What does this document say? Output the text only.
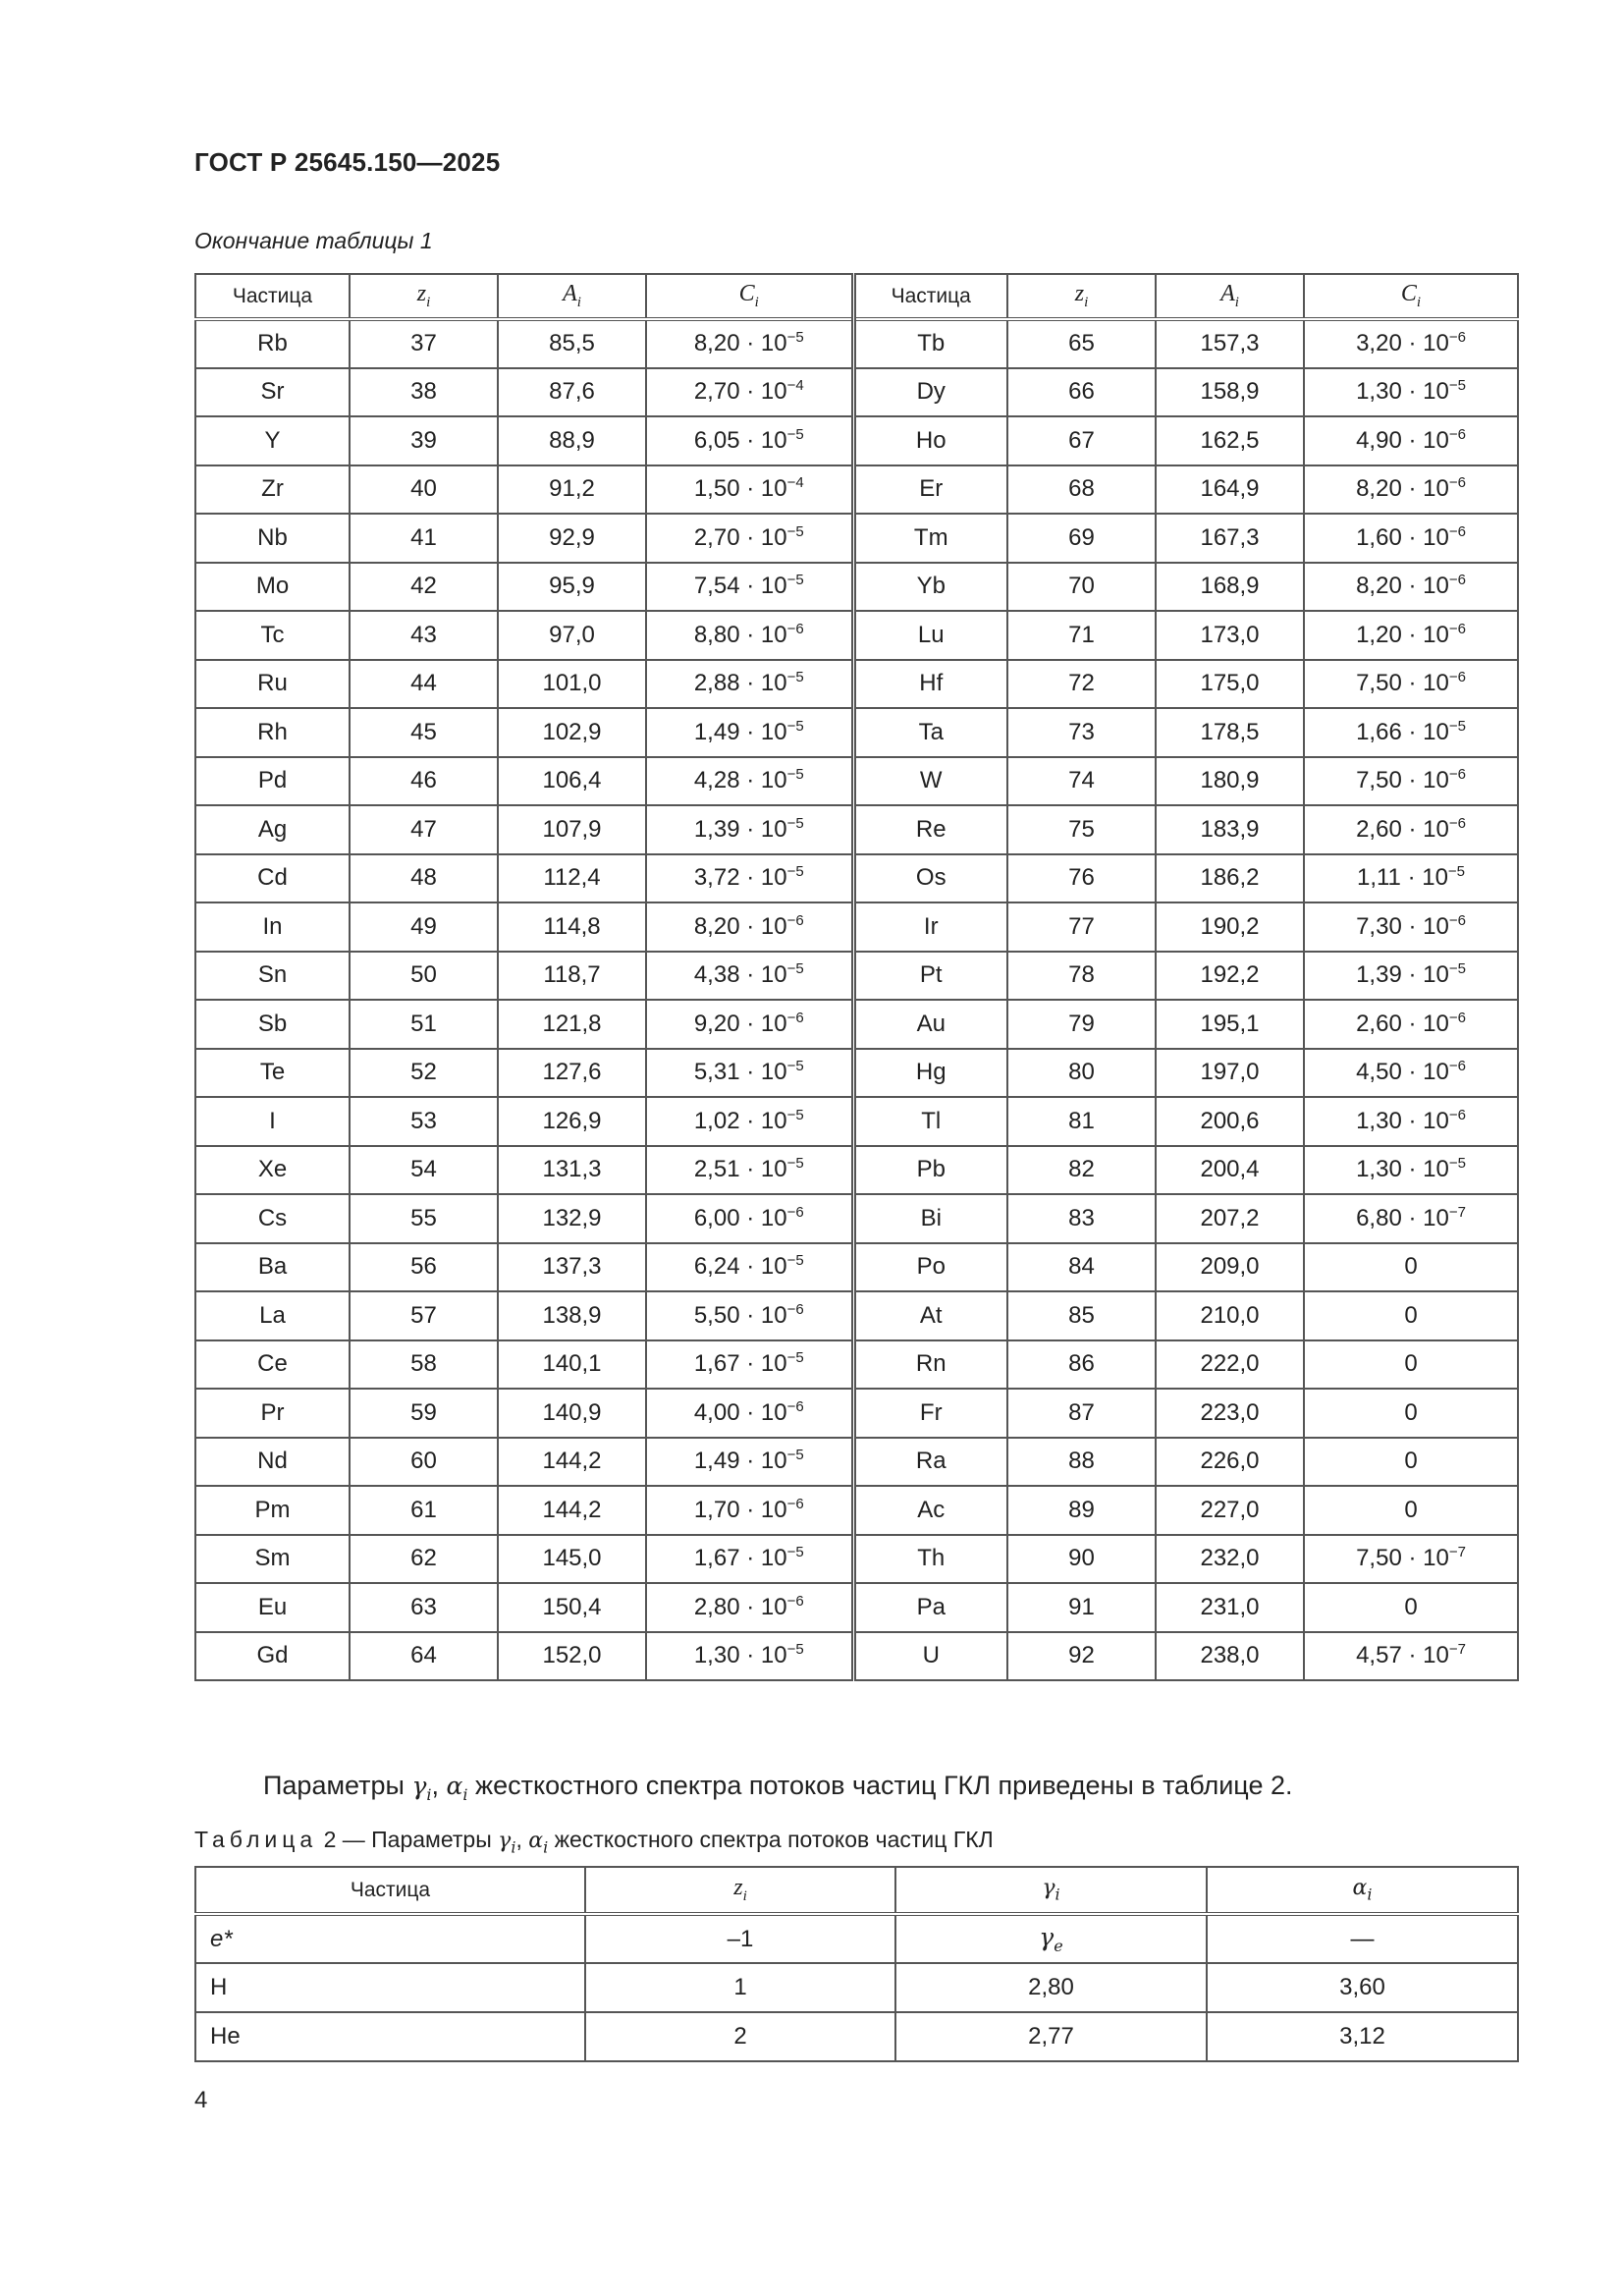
ГОСТ Р 25645.150—2025
Окончание таблицы 1
Частица	$z_i$	$A_i$	$C_i$	Частица	$z_i$	$A_i$	$C_i$
Rb	37	85,5	$8,20 \cdot 10^{-5}$	Tb	65	157,3	$3,20 \cdot 10^{-6}$
Sr	38	87,6	$2,70 \cdot 10^{-4}$	Dy	66	158,9	$1,30 \cdot 10^{-5}$
Y	39	88,9	$6,05 \cdot 10^{-5}$	Ho	67	162,5	$4,90 \cdot 10^{-6}$
Zr	40	91,2	$1,50 \cdot 10^{-4}$	Er	68	164,9	$8,20 \cdot 10^{-6}$
Nb	41	92,9	$2,70 \cdot 10^{-5}$	Tm	69	167,3	$1,60 \cdot 10^{-6}$
Mo	42	95,9	$7,54 \cdot 10^{-5}$	Yb	70	168,9	$8,20 \cdot 10^{-6}$
Tc	43	97,0	$8,80 \cdot 10^{-6}$	Lu	71	173,0	$1,20 \cdot 10^{-6}$
Ru	44	101,0	$2,88 \cdot 10^{-5}$	Hf	72	175,0	$7,50 \cdot 10^{-6}$
Rh	45	102,9	$1,49 \cdot 10^{-5}$	Ta	73	178,5	$1,66 \cdot 10^{-5}$
Pd	46	106,4	$4,28 \cdot 10^{-5}$	W	74	180,9	$7,50 \cdot 10^{-6}$
Ag	47	107,9	$1,39 \cdot 10^{-5}$	Re	75	183,9	$2,60 \cdot 10^{-6}$
Cd	48	112,4	$3,72 \cdot 10^{-5}$	Os	76	186,2	$1,11 \cdot 10^{-5}$
In	49	114,8	$8,20 \cdot 10^{-6}$	Ir	77	190,2	$7,30 \cdot 10^{-6}$
Sn	50	118,7	$4,38 \cdot 10^{-5}$	Pt	78	192,2	$1,39 \cdot 10^{-5}$
Sb	51	121,8	$9,20 \cdot 10^{-6}$	Au	79	195,1	$2,60 \cdot 10^{-6}$
Te	52	127,6	$5,31 \cdot 10^{-5}$	Hg	80	197,0	$4,50 \cdot 10^{-6}$
I	53	126,9	$1,02 \cdot 10^{-5}$	Tl	81	200,6	$1,30 \cdot 10^{-6}$
Xe	54	131,3	$2,51 \cdot 10^{-5}$	Pb	82	200,4	$1,30 \cdot 10^{-5}$
Cs	55	132,9	$6,00 \cdot 10^{-6}$	Bi	83	207,2	$6,80 \cdot 10^{-7}$
Ba	56	137,3	$6,24 \cdot 10^{-5}$	Po	84	209,0	0
La	57	138,9	$5,50 \cdot 10^{-6}$	At	85	210,0	0
Ce	58	140,1	$1,67 \cdot 10^{-5}$	Rn	86	222,0	0
Pr	59	140,9	$4,00 \cdot 10^{-6}$	Fr	87	223,0	0
Nd	60	144,2	$1,49 \cdot 10^{-5}$	Ra	88	226,0	0
Pm	61	144,2	$1,70 \cdot 10^{-6}$	Ac	89	227,0	0
Sm	62	145,0	$1,67 \cdot 10^{-5}$	Th	90	232,0	$7,50 \cdot 10^{-7}$
Eu	63	150,4	$2,80 \cdot 10^{-6}$	Pa	91	231,0	0
Gd	64	152,0	$1,30 \cdot 10^{-5}$	U	92	238,0	$4,57 \cdot 10^{-7}$
Параметры $\gamma_i$, $\alpha_i$ жесткостного спектра потоков частиц ГКЛ приведены в таблице 2.
Таблица 2 — Параметры $\gamma_i$, $\alpha_i$ жесткостного спектра потоков частиц ГКЛ
Частица	$z_i$	$\gamma_i$	$\alpha_i$
e*	–1	$\gamma_e$	—
H	1	2,80	3,60
He	2	2,77	3,12
4
